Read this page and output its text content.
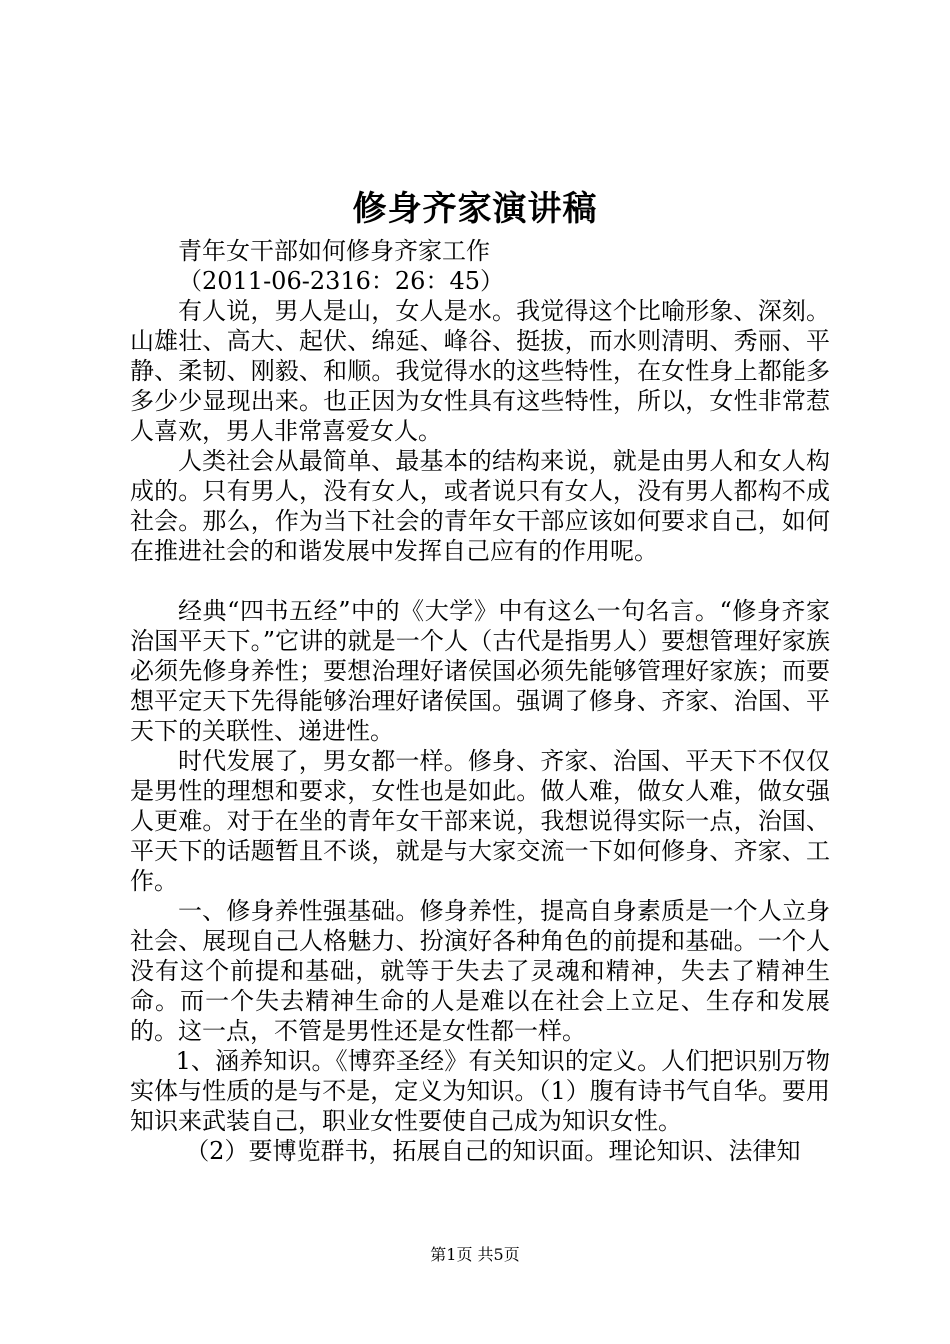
修身齐家演讲稿

青年女干部如何修身齐家工作

（2011-06-2316：26：45）

有人说，男人是山，女人是水。我觉得这个比喻形象、深刻。山雄壮、高大、起伏、绵延、峰谷、挺拔，而水则清明、秀丽、平静、柔韧、刚毅、和顺。我觉得水的这些特性，在女性身上都能多多少少显现出来。也正因为女性具有这些特性，所以，女性非常惹人喜欢，男人非常喜爱女人。

人类社会从最简单、最基本的结构来说，就是由男人和女人构成的。只有男人，没有女人，或者说只有女人，没有男人都构不成社会。那么，作为当下社会的青年女干部应该如何要求自己，如何在推进社会的和谐发展中发挥自己应有的作用呢。

经典“四书五经”中的《大学》中有这么一句名言。“修身齐家治国平天下。”它讲的就是一个人（古代是指男人）要想管理好家族必须先修身养性；要想治理好诸侯国必须先能够管理好家族；而要想平定天下先得能够治理好诸侯国。强调了修身、齐家、治国、平天下的关联性、递进性。

时代发展了，男女都一样。修身、齐家、治国、平天下不仅仅是男性的理想和要求，女性也是如此。做人难，做女人难，做女强人更难。对于在坐的青年女干部来说，我想说得实际一点，治国、平天下的话题暂且不谈，就是与大家交流一下如何修身、齐家、工作。

一、修身养性强基础。修身养性，提高自身素质是一个人立身社会、展现自己人格魅力、扮演好各种角色的前提和基础。一个人没有这个前提和基础，就等于失去了灵魂和精神，失去了精神生命。而一个失去精神生命的人是难以在社会上立足、生存和发展的。这一点，不管是男性还是女性都一样。

1、涵养知识。《博弈圣经》有关知识的定义。人们把识别万物实体与性质的是与不是，定义为知识。（1）腹有诗书气自华。要用知识来武装自己，职业女性要使自己成为知识女性。

（2）要博览群书，拓展自己的知识面。理论知识、法律知

第1页 共5页
